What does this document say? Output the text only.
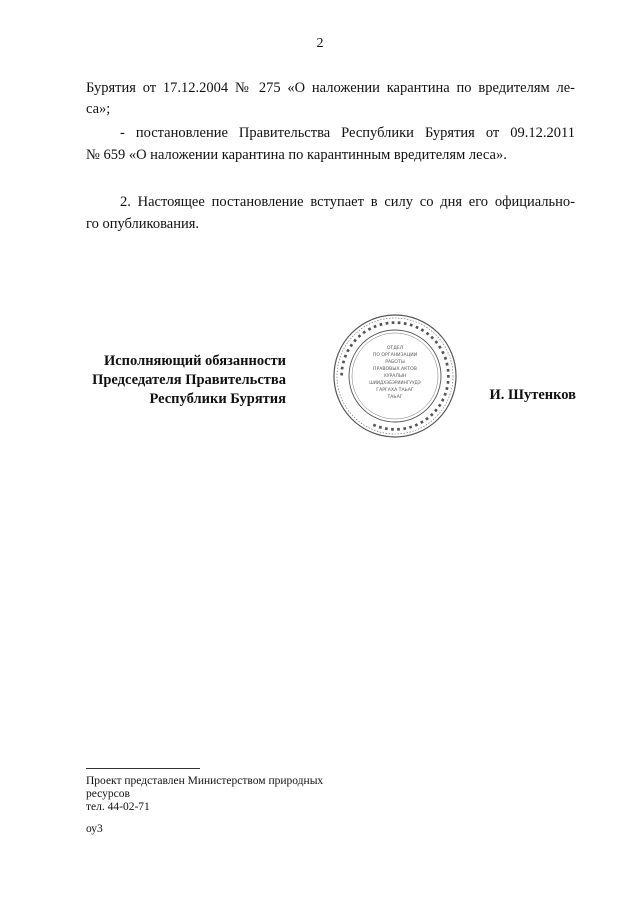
2
Бурятия от 17.12.2004 № 275 «О наложении карантина по вредителям ле-
са»;
- постановление Правительства Республики Бурятия от 09.12.2011
№ 659 «О наложении карантина по карантинным вредителям леса».
2. Настоящее постановление вступает в силу со дня его официально-
го опубликования.
Исполняющий обязанности
Председателя Правительства
Республики Бурятия
▪ ▪ ▪ ▪ ▪ ▪ ▪ ▪ ▪ ▪ ▪ ▪ ▪ ▪ ▪ ▪ ▪ ▪ ▪ ▪ ▪ ▪ ▪ ▪ ▪ ▪ ▪ ▪ ▪ ▪ ▪ ▪ ▪ ▪ ▪ ▪ ▪ ▪ ▪ ▪ ▪ ▪ ▪ ▪ ▪
ОТДЕЛ
ПО ОРГАНИЗАЦИИ
РАБОТЫ
ПРАВОВЫХ АКТОВ
ХУРАЛЫН
ШИИДХЭБЭРИИНГУУДЭ
ГАРГАХА ТАЬАГ
ТАЬАГ	И. Шутенков
Проект представлен Министерством природных
ресурсов
тел. 44-02-71
оу3
